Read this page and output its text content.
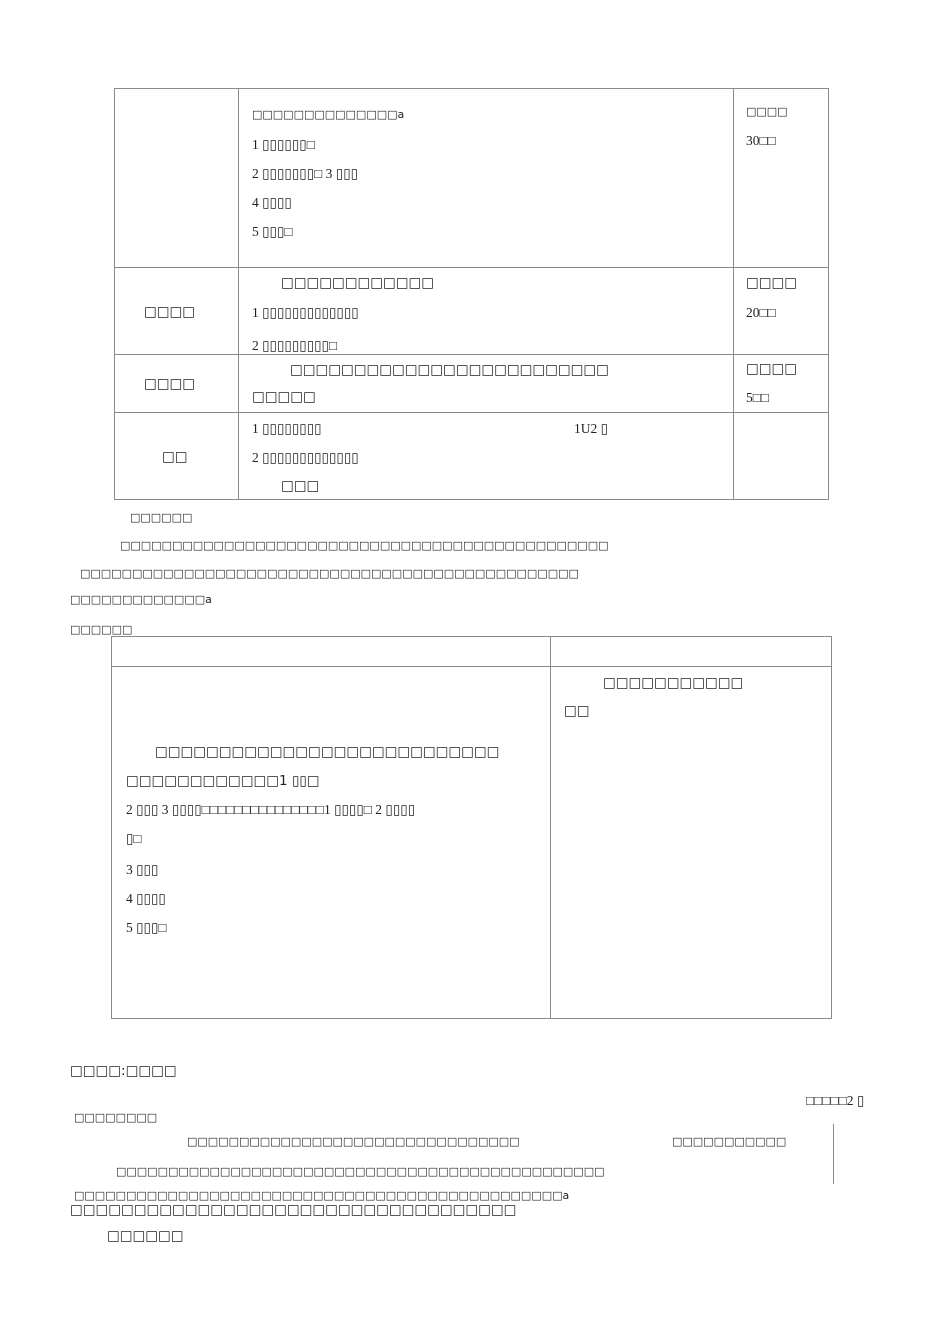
□□□□□□□□□□□□□□a
1 ▯▯▯▯▯▯□
2 ▯▯▯▯▯▯▯□ 3 ▯▯▯
4 ▯▯▯▯
5 ▯▯▯□
□□□□
30□□
□□□□
□□□□□□□□□□□□
1 ▯▯▯▯▯▯▯▯▯▯▯▯▯
2 ▯▯▯▯▯▯▯▯▯□
□□□□
20□□
□□□□
□□□□□□□□□□□□□□□□□□□□□□□□□
□□□□□
□□□□
5□□
□□
1 ▯▯▯▯▯▯▯▯	1U2 ▯
2 ▯▯▯▯▯▯▯▯▯▯▯▯▯
□□□
□□□□□□
□□□□□□□□□□□□□□□□□□□□□□□□□□□□□□□□□□□□□□□□□□□□□□□
□□□□□□□□□□□□□□□□□□□□□□□□□□□□□□□□□□□□□□□□□□□□□□□□
□□□□□□□□□□□□□a
□□□□□□
□□□□□□□□□□□□□□□□□□□□□□□□□□□
□□□□□□□□□□□□1 ▯▯□
2 ▯▯▯ 3 ▯▯▯▯□□□□□□□□□□□□□□□1 ▯▯▯▯□ 2 ▯▯▯▯
▯□
3 ▯▯▯
4 ▯▯▯▯
5 ▯▯▯□
□□□□□□□□□□□
□□
□□□□:□□□□
□□□□□2 ▯
□□□□□□□□
□□□□□□□□□□□□□□□□□□□□□□□□□□□□□□□□	□□□□□□□□□□□
□□□□□□□□□□□□□□□□□□□□□□□□□□□□□□□□□□□□□□□□□□□□□□□
□□□□□□□□□□□□□□□□□□□□□□□□□□□□□□□□□□□□□□□□□□□□□□□a
□□□□□□□□□□□□□□□□□□□□□□□□□□□□□□□□□□□
□□□□□□
